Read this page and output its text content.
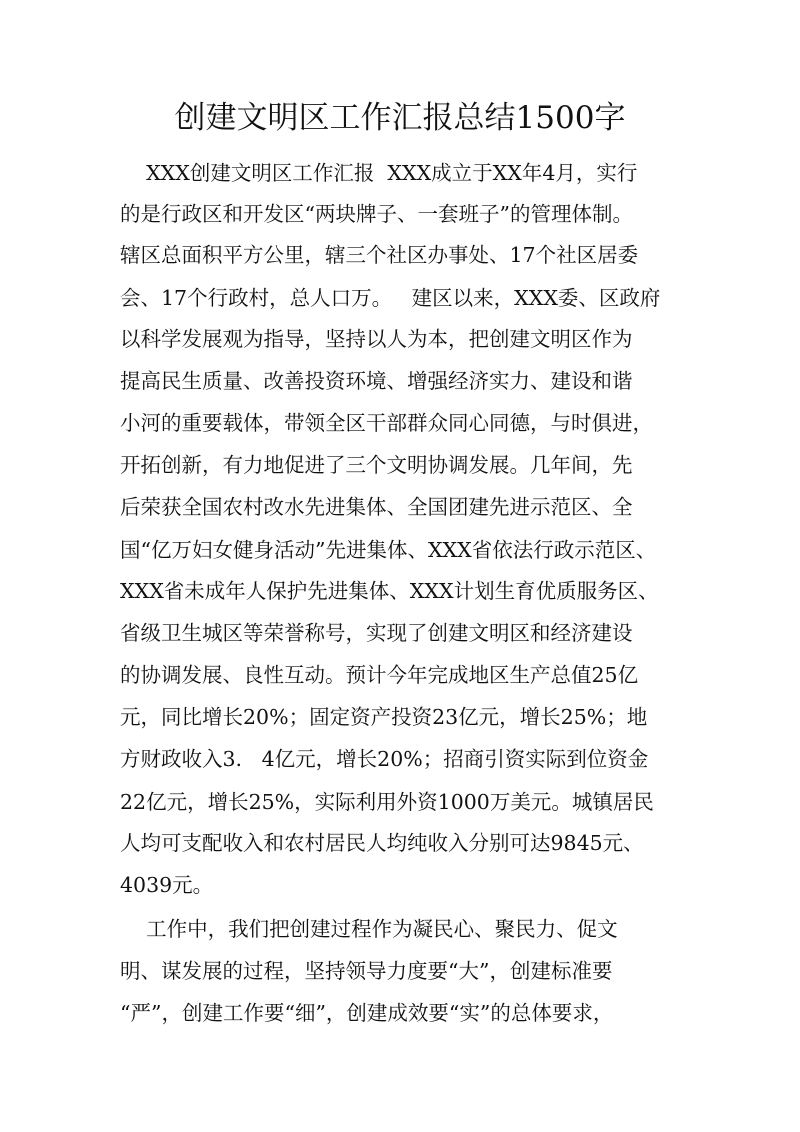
创建文明区工作汇报总结1500字
XXX创建文明区工作汇报  XXX成立于XX年4月，实行
的是行政区和开发区“两块牌子、一套班子”的管理体制。
辖区总面积平方公里，辖三个社区办事处、17个社区居委
会、17个行政村，总人口万。   建区以来，XXX委、区政府
以科学发展观为指导，坚持以人为本，把创建文明区作为
提高民生质量、改善投资环境、增强经济实力、建设和谐
小河的重要载体，带领全区干部群众同心同德，与时俱进，
开拓创新，有力地促进了三个文明协调发展。几年间，先
后荣获全国农村改水先进集体、全国团建先进示范区、全
国“亿万妇女健身活动”先进集体、XXX省依法行政示范区、
XXX省未成年人保护先进集体、XXX计划生育优质服务区、
省级卫生城区等荣誉称号，实现了创建文明区和经济建设
的协调发展、良性互动。预计今年完成地区生产总值25亿
元，同比增长20%；固定资产投资23亿元，增长25%；地
方财政收入3.   4亿元，增长20%；招商引资实际到位资金
22亿元，增长25%，实际利用外资1000万美元。城镇居民
人均可支配收入和农村居民人均纯收入分别可达9845元、
4039元。
工作中，我们把创建过程作为凝民心、聚民力、促文
明、谋发展的过程，坚持领导力度要“大”，创建标准要
“严”，创建工作要“细”，创建成效要“实”的总体要求，
